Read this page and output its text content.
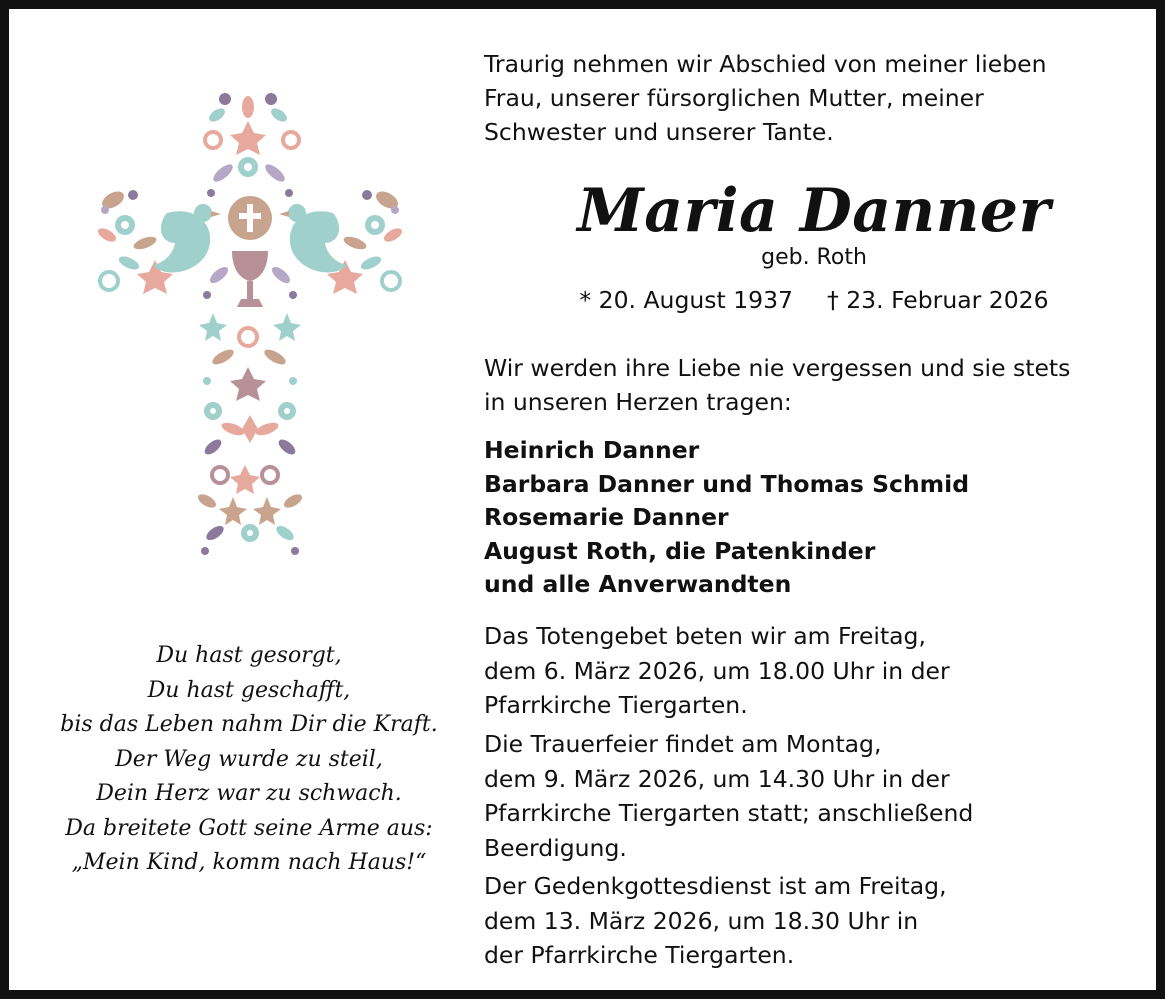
Du hast gesorgt,
Du hast geschafft,
bis das Leben nahm Dir die Kraft.
Der Weg wurde zu steil,
Dein Herz war zu schwach.
Da breitete Gott seine Arme aus:
„Mein Kind, komm nach Haus!“

Traurig nehmen wir Abschied von meiner lieben

Frau, unserer fürsorglichen Mutter, meiner

Schwester und unserer Tante.

Maria Danner
geb. Roth
* 20. August 1937 † 23. Februar 2026

Wir werden ihre Liebe nie vergessen und sie stets

in unseren Herzen tragen:

Heinrich Danner

Barbara Danner und Thomas Schmid

Rosemarie Danner

August Roth, die Patenkinder

und alle Anverwandten

Das Totengebet beten wir am Freitag,

dem 6. März 2026, um 18.00 Uhr in der

Pfarrkirche Tiergarten.

Die Trauerfeier findet am Montag,

dem 9. März 2026, um 14.30 Uhr in der

Pfarrkirche Tiergarten statt; anschließend

Beerdigung.

Der Gedenkgottesdienst ist am Freitag,

dem 13. März 2026, um 18.30 Uhr in

der Pfarrkirche Tiergarten.
